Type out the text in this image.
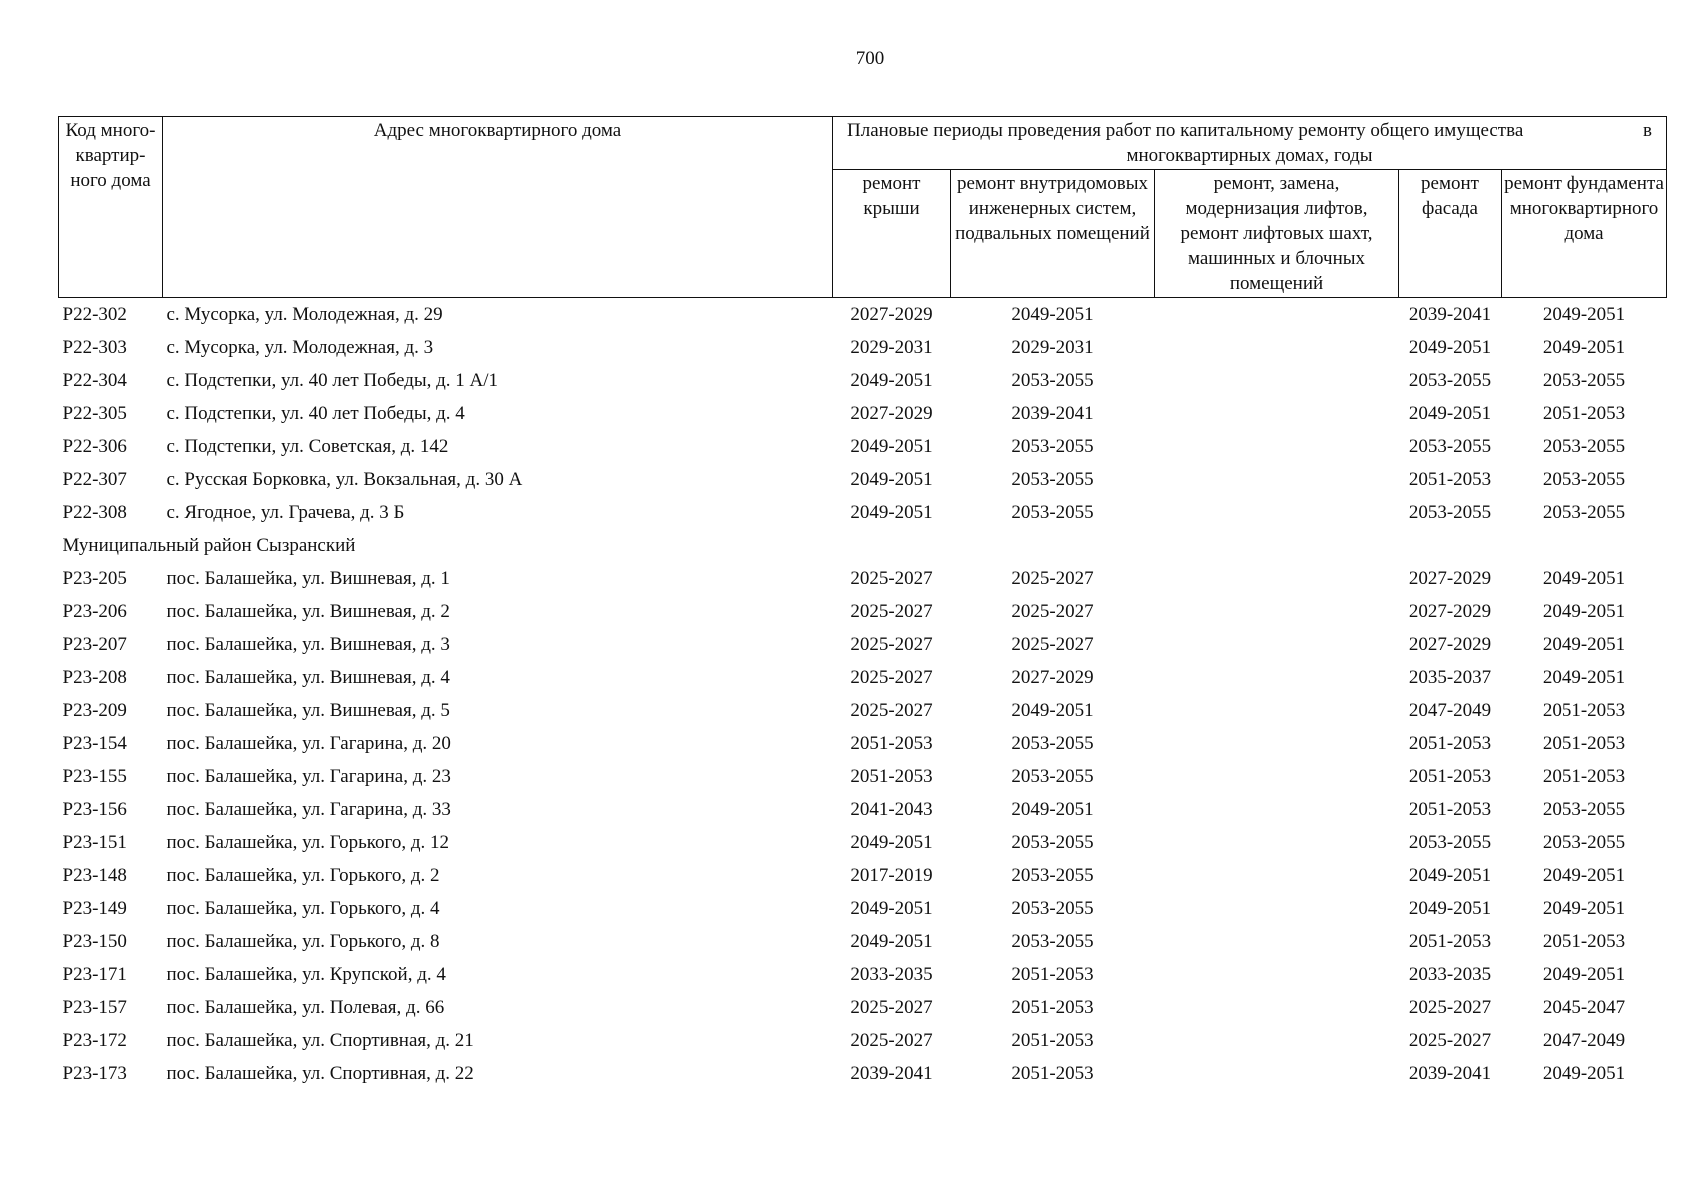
700
Код много-квартир-ного дома	Адрес многоквартирного дома	Плановые периоды проведения работ по капитальному ремонту общего имущества в
многоквартирных домах, годы				

		ремонт крыши	ремонт внутридомовых инженерных систем, подвальных помещений	ремонт, замена, модернизация лифтов, ремонт лифтовых шахт, машинных и блочных помещений	ремонт фасада	ремонт фундамента многоквартирного дома
Р22-302	с. Мусорка, ул. Молодежная, д. 29	2027-2029	2049-2051		2039-2041	2049-2051
Р22-303	с. Мусорка, ул. Молодежная, д. 3	2029-2031	2029-2031		2049-2051	2049-2051
Р22-304	с. Подстепки, ул. 40 лет Победы, д. 1 А/1	2049-2051	2053-2055		2053-2055	2053-2055
Р22-305	с. Подстепки, ул. 40 лет Победы, д. 4	2027-2029	2039-2041		2049-2051	2051-2053
Р22-306	с. Подстепки, ул. Советская, д. 142	2049-2051	2053-2055		2053-2055	2053-2055
Р22-307	с. Русская Борковка, ул. Вокзальная, д. 30 А	2049-2051	2053-2055		2051-2053	2053-2055
Р22-308	с. Ягодное, ул. Грачева, д. 3 Б	2049-2051	2053-2055		2053-2055	2053-2055
Муниципальный район Сызранский						
Р23-205	пос. Балашейка, ул. Вишневая, д. 1	2025-2027	2025-2027		2027-2029	2049-2051
Р23-206	пос. Балашейка, ул. Вишневая, д. 2	2025-2027	2025-2027		2027-2029	2049-2051
Р23-207	пос. Балашейка, ул. Вишневая, д. 3	2025-2027	2025-2027		2027-2029	2049-2051
Р23-208	пос. Балашейка, ул. Вишневая, д. 4	2025-2027	2027-2029		2035-2037	2049-2051
Р23-209	пос. Балашейка, ул. Вишневая, д. 5	2025-2027	2049-2051		2047-2049	2051-2053
Р23-154	пос. Балашейка, ул. Гагарина, д. 20	2051-2053	2053-2055		2051-2053	2051-2053
Р23-155	пос. Балашейка, ул. Гагарина, д. 23	2051-2053	2053-2055		2051-2053	2051-2053
Р23-156	пос. Балашейка, ул. Гагарина, д. 33	2041-2043	2049-2051		2051-2053	2053-2055
Р23-151	пос. Балашейка, ул. Горького, д. 12	2049-2051	2053-2055		2053-2055	2053-2055
Р23-148	пос. Балашейка, ул. Горького, д. 2	2017-2019	2053-2055		2049-2051	2049-2051
Р23-149	пос. Балашейка, ул. Горького, д. 4	2049-2051	2053-2055		2049-2051	2049-2051
Р23-150	пос. Балашейка, ул. Горького, д. 8	2049-2051	2053-2055		2051-2053	2051-2053
Р23-171	пос. Балашейка, ул. Крупской, д. 4	2033-2035	2051-2053		2033-2035	2049-2051
Р23-157	пос. Балашейка, ул. Полевая, д. 66	2025-2027	2051-2053		2025-2027	2045-2047
Р23-172	пос. Балашейка, ул. Спортивная, д. 21	2025-2027	2051-2053		2025-2027	2047-2049
Р23-173	пос. Балашейка, ул. Спортивная, д. 22	2039-2041	2051-2053		2039-2041	2049-2051
